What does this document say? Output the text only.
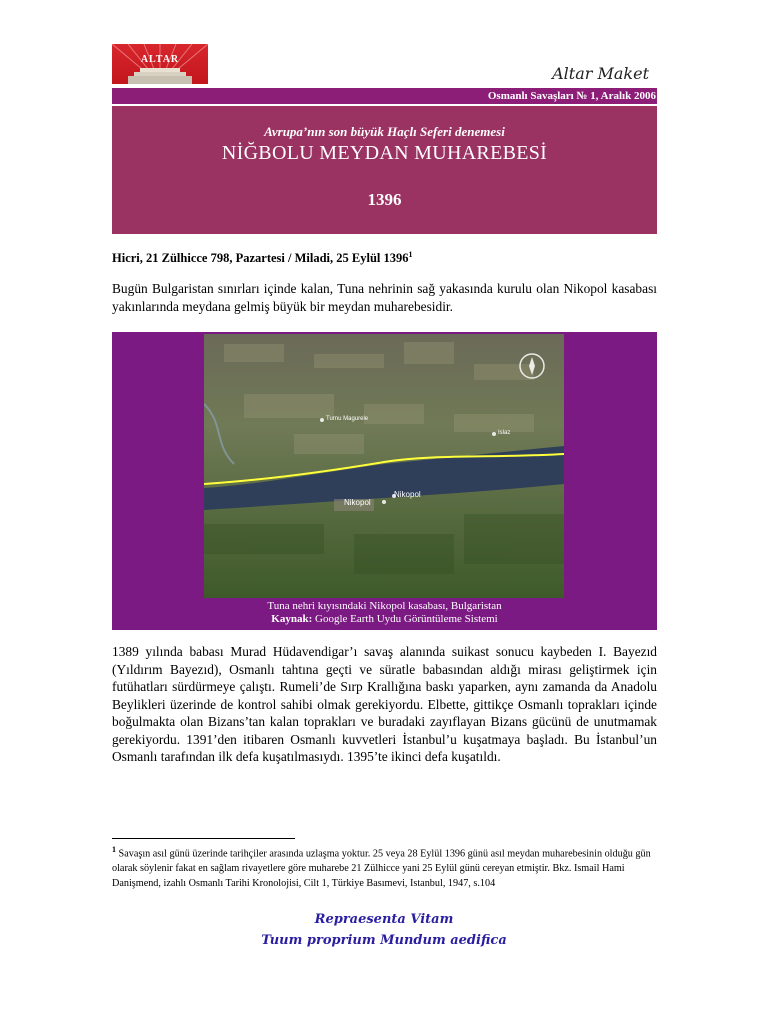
ALTAR
Altar Maket
Osmanlı Savaşları № 1, Aralık 2006
Avrupa’nın son büyük Haçlı Seferi denemesi
NİĞBOLU MEYDAN MUHAREBESİ
1396
Hicri, 21 Zülhicce 798, Pazartesi / Miladi, 25 Eylül 1396$^1$
Bugün Bulgaristan sınırları içinde kalan, Tuna nehrinin sağ yakasında kurulu olan Nikopol kasabası yakınlarında meydana gelmiş büyük bir meydan muharebesidir.
Turnu Magurele
Islaz
Nikopol
Nikopol
Tuna nehri kıyısındaki Nikopol kasabası, Bulgaristan
Kaynak: Google Earth Uydu Görüntüleme Sistemi
1389 yılında babası Murad Hüdavendigar’ı savaş alanında suikast sonucu kaybeden I. Bayezıd (Yıldırım Bayezıd), Osmanlı tahtına geçti ve süratle babasından aldığı mirası geliştirmek için futühatları sürdürmeye çalıştı. Rumeli’de Sırp Krallığına baskı yaparken, aynı zamanda da Anadolu Beylikleri üzerinde de kontrol sahibi olmak gerekiyordu. Elbette, gittikçe Osmanlı toprakları içinde boğulmakta olan Bizans’tan kalan toprakları ve buradaki zayıflayan Bizans gücünü de unutmamak gerekiyordu. 1391’den itibaren Osmanlı kuvvetleri İstanbul’u kuşatmaya başladı. Bu İstanbul’un Osmanlı tarafından ilk defa kuşatılmasıydı. 1395’te ikinci defa kuşatıldı.
$^1$ Savaşın asıl günü üzerinde tarihçiler arasında uzlaşma yoktur. 25 veya 28 Eylül 1396 günü asıl meydan muharebesinin olduğu gün olarak söylenir fakat en sağlam rivayetlere göre muharebe 21 Zülhicce yani 25 Eylül günü cereyan etmiştir. Bkz. Ismail Hami Danişmend, izahlı Osmanlı Tarihi Kronolojisi, Cilt 1, Türkiye Basımevi, Istanbul, 1947, s.104
Repraesenta Vitam
Tuum proprium Mundum aedifica
